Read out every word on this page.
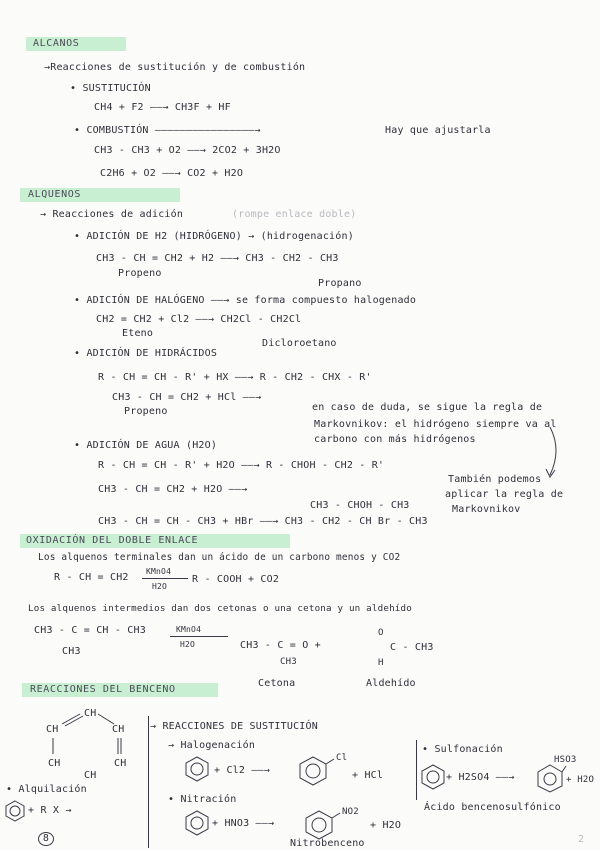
ALCANOS
→Reacciones de sustitución y de combustión
• SUSTITUCIÓN
CH4 + F2 ——→ CH3F + HF
• COMBUSTIÓN ————————————————→	Hay que ajustarla
CH3 - CH3 + O2 ——→ 2CO2 + 3H2O
C2H6 + O2 ——→ CO2 + H2O
ALQUENOS
→ Reacciones de adición	(rompe enlace doble)
• ADICIÓN DE H2 (HIDRÓGENO) → (hidrogenación)
CH3 - CH = CH2 + H2 ——→ CH3 - CH2 - CH3
Propeno
Propano
• ADICIÓN DE HALÓGENO ——→ se forma compuesto halogenado
CH2 = CH2 + Cl2 ——→ CH2Cl - CH2Cl
Eteno
Dicloroetano
• ADICIÓN DE HIDRÁCIDOS
R - CH = CH - R' + HX ——→ R - CH2 - CHX - R'
CH3 - CH = CH2 + HCl ——→
Propeno	en caso de duda, se sigue la regla de
Markovnikov: el hidrógeno siempre va al
carbono con más hidrógenos
• ADICIÓN DE AGUA (H2O)
R - CH = CH - R' + H2O ——→ R - CHOH - CH2 - R'
CH3 - CH = CH2 + H2O ——→
CH3 - CHOH - CH3
CH3 - CH = CH - CH3 + HBr ——→ CH3 - CH2 - CH Br - CH3
También podemos
aplicar la regla de
Markovnikov
OXIDACIÓN DEL DOBLE ENLACE
Los alquenos terminales dan un ácido de un carbono menos y CO2
R - CH = CH2
KMnO4
H2O
R - COOH + CO2
Los alquenos intermedios dan dos cetonas o una cetona y un aldehído
CH3 - C = CH - CH3
CH3
KMnO4
H2O	CH3 - C = O +
CH3
O
C - CH3
H
Cetona	Aldehído
REACCIONES DEL BENCENO
CH
CH	CH
CH	CH
CH
• Alquilación
+ R X →
8
→ REACCIONES DE SUSTITUCIÓN
→ Halogenación
+ Cl2 ——→
Cl
+ HCl
• Nitración
+ HNO3 ——→
NO2
+ H2O
Nitrobenceno
• Sulfonación
+ H2SO4 ——→
HSO3
+ H2O
Ácido bencenosulfónico
2
